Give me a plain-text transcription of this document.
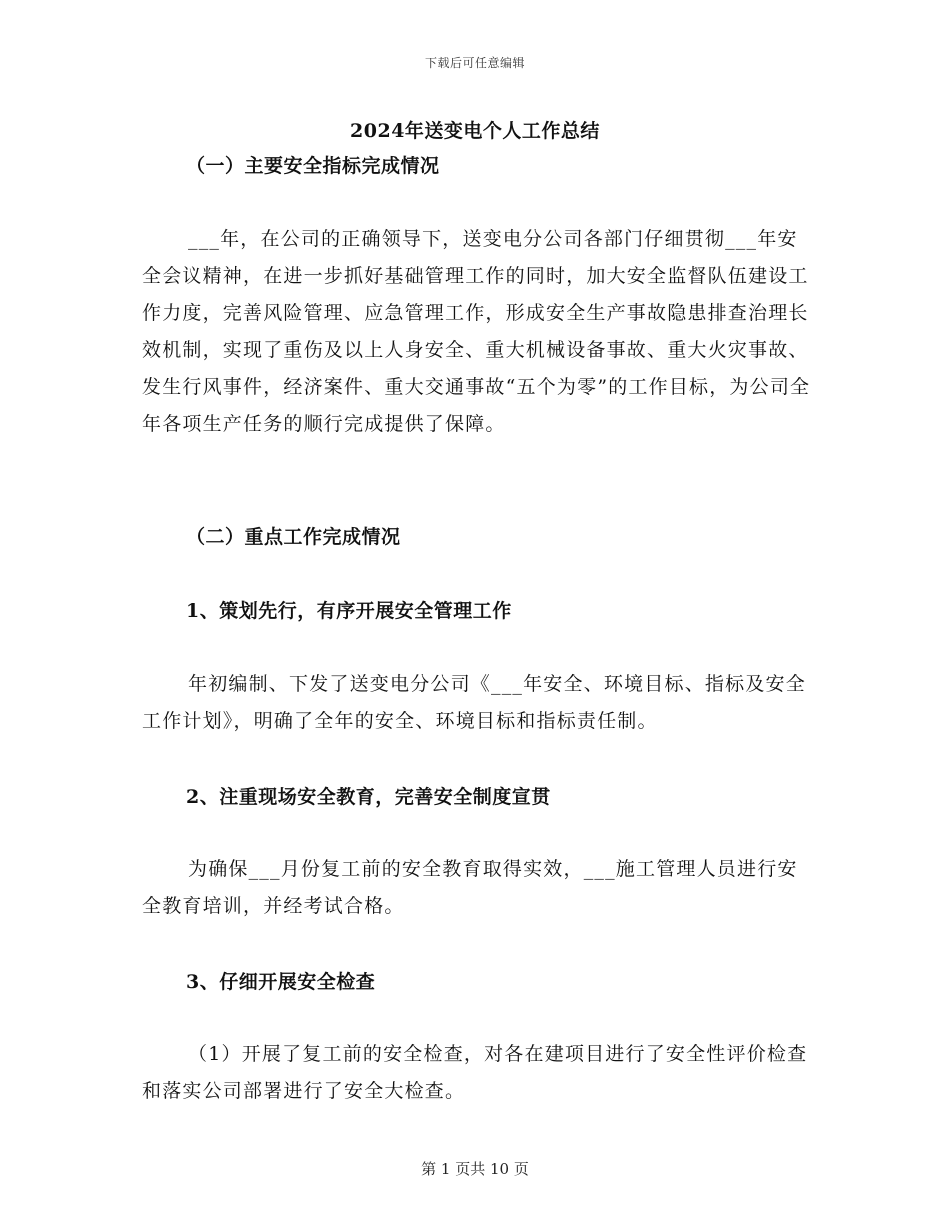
下载后可任意编辑
2024年送变电个人工作总结
（一）主要安全指标完成情况

___年，在公司的正确领导下，送变电分公司各部门仔细贯彻___年安全会议精神，在进一步抓好基础管理工作的同时，加大安全监督队伍建设工作力度，完善风险管理、应急管理工作，形成安全生产事故隐患排查治理长效机制，实现了重伤及以上人身安全、重大机械设备事故、重大火灾事故、发生行风事件，经济案件、重大交通事故“五个为零”的工作目标，为公司全年各项生产任务的顺行完成提供了保障。

（二）重点工作完成情况
1、策划先行，有序开展安全管理工作

年初编制、下发了送变电分公司《___年安全、环境目标、指标及安全工作计划》，明确了全年的安全、环境目标和指标责任制。

2、注重现场安全教育，完善安全制度宣贯

为确保___月份复工前的安全教育取得实效，___施工管理人员进行安全教育培训，并经考试合格。

3、仔细开展安全检查

（1）开展了复工前的安全检查，对各在建项目进行了安全性评价检查和落实公司部署进行了安全大检查。

第 1 页共 10 页
